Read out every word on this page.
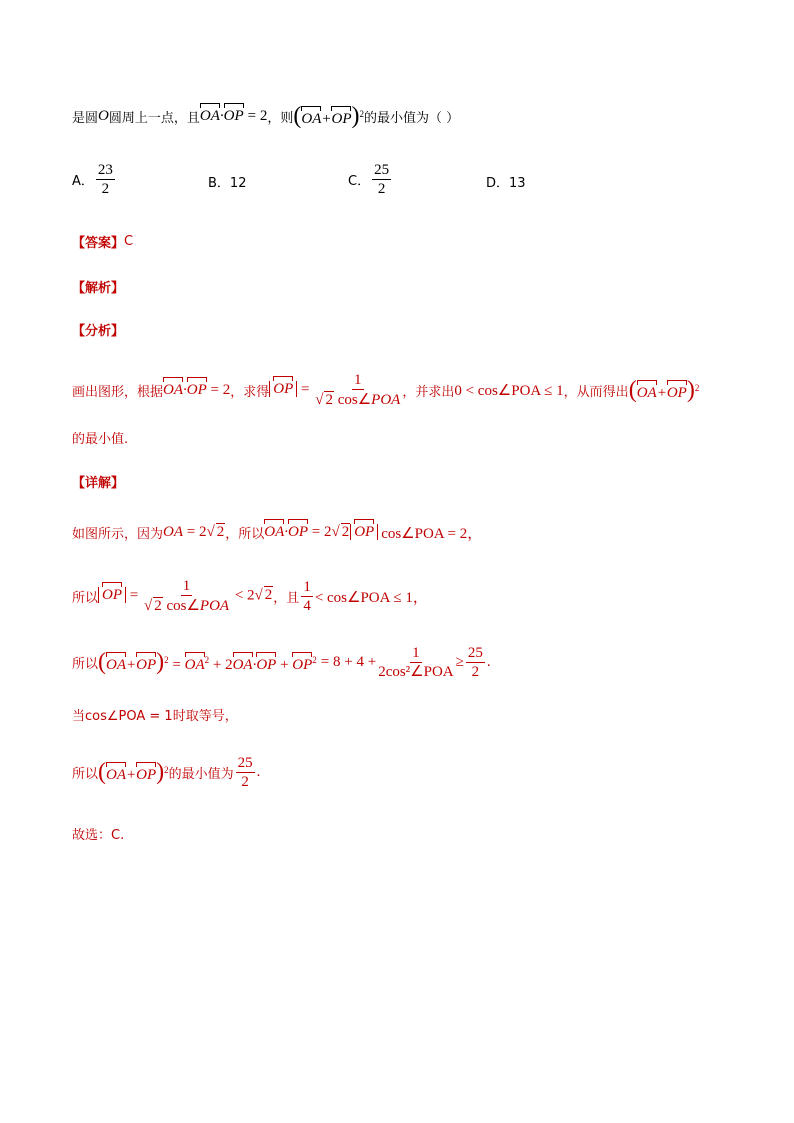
是圆 O 圆周上一点，且 OA·OP = 2 ，则 $(OA+OP)^2$ 的最小值为（ ）
A． $\frac{23}{2}$	B．12	C． $\frac{25}{2}$	D．13
【答案】 C
【解析】
【分析】
画出图形，根据 OA·OP = 2 ，求得 OP = $\frac{1}{\text{√ 2 cos∠POA}}$ ，并求出 0 < cos∠POA ≤ 1 ，从而得出 $(OA+OP)^2$
的最小值.
【详解】
如图所示，因为 OA = 2√ 2 ，所以 OA·OP = 2√ 2 OP cos∠POA = 2，
所以 OP = $\frac{1}{\text{√ 2 cos∠POA}} < 2√$ 2 ，且 $\frac{1}{4}$ < cos∠POA ≤ 1，
所以 $(OA+OP)^2 = OA^2 + 2OA\cdot OP + OP^2 = 8 + 4 + \frac{1}{\text{2cos²∠POA}} \ge \frac{25}{2}$ .
当cos∠POA = 1时取等号，
所以 $(OA+OP)^2$ 的最小值为 $\frac{25}{2}$ .
故选：C.
